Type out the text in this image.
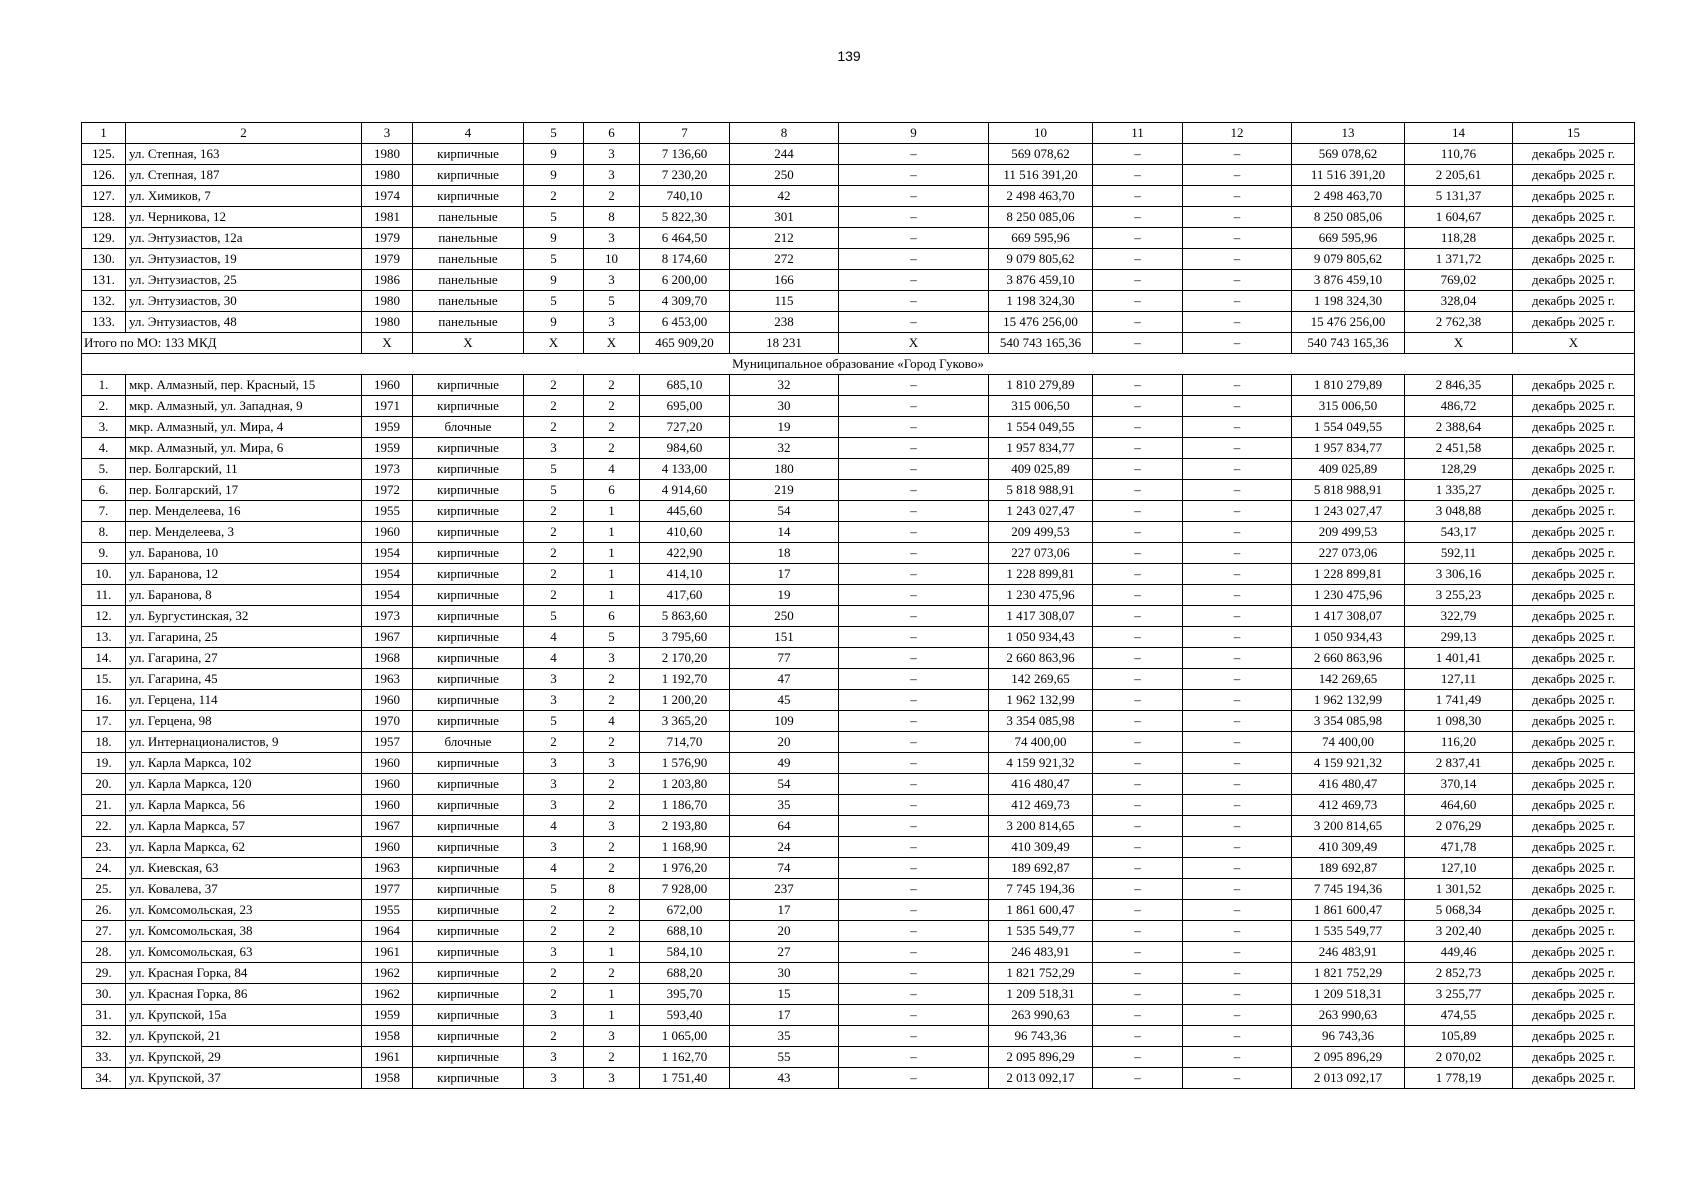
139
1	2	3	4	5	6	7	8	9	10	11	12	13	14	15
125.	ул. Степная, 163	1980	кирпичные	9	3	7 136,60	244	–	569 078,62	–	–	569 078,62	110,76	декабрь 2025 г.
126.	ул. Степная, 187	1980	кирпичные	9	3	7 230,20	250	–	11 516 391,20	–	–	11 516 391,20	2 205,61	декабрь 2025 г.
127.	ул. Химиков, 7	1974	кирпичные	2	2	740,10	42	–	2 498 463,70	–	–	2 498 463,70	5 131,37	декабрь 2025 г.
128.	ул. Черникова, 12	1981	панельные	5	8	5 822,30	301	–	8 250 085,06	–	–	8 250 085,06	1 604,67	декабрь 2025 г.
129.	ул. Энтузиастов, 12а	1979	панельные	9	3	6 464,50	212	–	669 595,96	–	–	669 595,96	118,28	декабрь 2025 г.
130.	ул. Энтузиастов, 19	1979	панельные	5	10	8 174,60	272	–	9 079 805,62	–	–	9 079 805,62	1 371,72	декабрь 2025 г.
131.	ул. Энтузиастов, 25	1986	панельные	9	3	6 200,00	166	–	3 876 459,10	–	–	3 876 459,10	769,02	декабрь 2025 г.
132.	ул. Энтузиастов, 30	1980	панельные	5	5	4 309,70	115	–	1 198 324,30	–	–	1 198 324,30	328,04	декабрь 2025 г.
133.	ул. Энтузиастов, 48	1980	панельные	9	3	6 453,00	238	–	15 476 256,00	–	–	15 476 256,00	2 762,38	декабрь 2025 г.
Итого по МО: 133 МКД		Х	Х	Х	Х	465 909,20	18 231	Х	540 743 165,36	–	–	540 743 165,36	Х	Х
Муниципальное образование «Город Гуково»														
1.	мкр. Алмазный, пер. Красный, 15	1960	кирпичные	2	2	685,10	32	–	1 810 279,89	–	–	1 810 279,89	2 846,35	декабрь 2025 г.
2.	мкр. Алмазный, ул. Западная, 9	1971	кирпичные	2	2	695,00	30	–	315 006,50	–	–	315 006,50	486,72	декабрь 2025 г.
3.	мкр. Алмазный, ул. Мира, 4	1959	блочные	2	2	727,20	19	–	1 554 049,55	–	–	1 554 049,55	2 388,64	декабрь 2025 г.
4.	мкр. Алмазный, ул. Мира, 6	1959	кирпичные	3	2	984,60	32	–	1 957 834,77	–	–	1 957 834,77	2 451,58	декабрь 2025 г.
5.	пер. Болгарский, 11	1973	кирпичные	5	4	4 133,00	180	–	409 025,89	–	–	409 025,89	128,29	декабрь 2025 г.
6.	пер. Болгарский, 17	1972	кирпичные	5	6	4 914,60	219	–	5 818 988,91	–	–	5 818 988,91	1 335,27	декабрь 2025 г.
7.	пер. Менделеева, 16	1955	кирпичные	2	1	445,60	54	–	1 243 027,47	–	–	1 243 027,47	3 048,88	декабрь 2025 г.
8.	пер. Менделеева, 3	1960	кирпичные	2	1	410,60	14	–	209 499,53	–	–	209 499,53	543,17	декабрь 2025 г.
9.	ул. Баранова, 10	1954	кирпичные	2	1	422,90	18	–	227 073,06	–	–	227 073,06	592,11	декабрь 2025 г.
10.	ул. Баранова, 12	1954	кирпичные	2	1	414,10	17	–	1 228 899,81	–	–	1 228 899,81	3 306,16	декабрь 2025 г.
11.	ул. Баранова, 8	1954	кирпичные	2	1	417,60	19	–	1 230 475,96	–	–	1 230 475,96	3 255,23	декабрь 2025 г.
12.	ул. Бургустинская, 32	1973	кирпичные	5	6	5 863,60	250	–	1 417 308,07	–	–	1 417 308,07	322,79	декабрь 2025 г.
13.	ул. Гагарина, 25	1967	кирпичные	4	5	3 795,60	151	–	1 050 934,43	–	–	1 050 934,43	299,13	декабрь 2025 г.
14.	ул. Гагарина, 27	1968	кирпичные	4	3	2 170,20	77	–	2 660 863,96	–	–	2 660 863,96	1 401,41	декабрь 2025 г.
15.	ул. Гагарина, 45	1963	кирпичные	3	2	1 192,70	47	–	142 269,65	–	–	142 269,65	127,11	декабрь 2025 г.
16.	ул. Герцена, 114	1960	кирпичные	3	2	1 200,20	45	–	1 962 132,99	–	–	1 962 132,99	1 741,49	декабрь 2025 г.
17.	ул. Герцена, 98	1970	кирпичные	5	4	3 365,20	109	–	3 354 085,98	–	–	3 354 085,98	1 098,30	декабрь 2025 г.
18.	ул. Интернационалистов, 9	1957	блочные	2	2	714,70	20	–	74 400,00	–	–	74 400,00	116,20	декабрь 2025 г.
19.	ул. Карла Маркса, 102	1960	кирпичные	3	3	1 576,90	49	–	4 159 921,32	–	–	4 159 921,32	2 837,41	декабрь 2025 г.
20.	ул. Карла Маркса, 120	1960	кирпичные	3	2	1 203,80	54	–	416 480,47	–	–	416 480,47	370,14	декабрь 2025 г.
21.	ул. Карла Маркса, 56	1960	кирпичные	3	2	1 186,70	35	–	412 469,73	–	–	412 469,73	464,60	декабрь 2025 г.
22.	ул. Карла Маркса, 57	1967	кирпичные	4	3	2 193,80	64	–	3 200 814,65	–	–	3 200 814,65	2 076,29	декабрь 2025 г.
23.	ул. Карла Маркса, 62	1960	кирпичные	3	2	1 168,90	24	–	410 309,49	–	–	410 309,49	471,78	декабрь 2025 г.
24.	ул. Киевская, 63	1963	кирпичные	4	2	1 976,20	74	–	189 692,87	–	–	189 692,87	127,10	декабрь 2025 г.
25.	ул. Ковалева, 37	1977	кирпичные	5	8	7 928,00	237	–	7 745 194,36	–	–	7 745 194,36	1 301,52	декабрь 2025 г.
26.	ул. Комсомольская, 23	1955	кирпичные	2	2	672,00	17	–	1 861 600,47	–	–	1 861 600,47	5 068,34	декабрь 2025 г.
27.	ул. Комсомольская, 38	1964	кирпичные	2	2	688,10	20	–	1 535 549,77	–	–	1 535 549,77	3 202,40	декабрь 2025 г.
28.	ул. Комсомольская, 63	1961	кирпичные	3	1	584,10	27	–	246 483,91	–	–	246 483,91	449,46	декабрь 2025 г.
29.	ул. Красная Горка, 84	1962	кирпичные	2	2	688,20	30	–	1 821 752,29	–	–	1 821 752,29	2 852,73	декабрь 2025 г.
30.	ул. Красная Горка, 86	1962	кирпичные	2	1	395,70	15	–	1 209 518,31	–	–	1 209 518,31	3 255,77	декабрь 2025 г.
31.	ул. Крупской, 15а	1959	кирпичные	3	1	593,40	17	–	263 990,63	–	–	263 990,63	474,55	декабрь 2025 г.
32.	ул. Крупской, 21	1958	кирпичные	2	3	1 065,00	35	–	96 743,36	–	–	96 743,36	105,89	декабрь 2025 г.
33.	ул. Крупской, 29	1961	кирпичные	3	2	1 162,70	55	–	2 095 896,29	–	–	2 095 896,29	2 070,02	декабрь 2025 г.
34.	ул. Крупской, 37	1958	кирпичные	3	3	1 751,40	43	–	2 013 092,17	–	–	2 013 092,17	1 778,19	декабрь 2025 г.
